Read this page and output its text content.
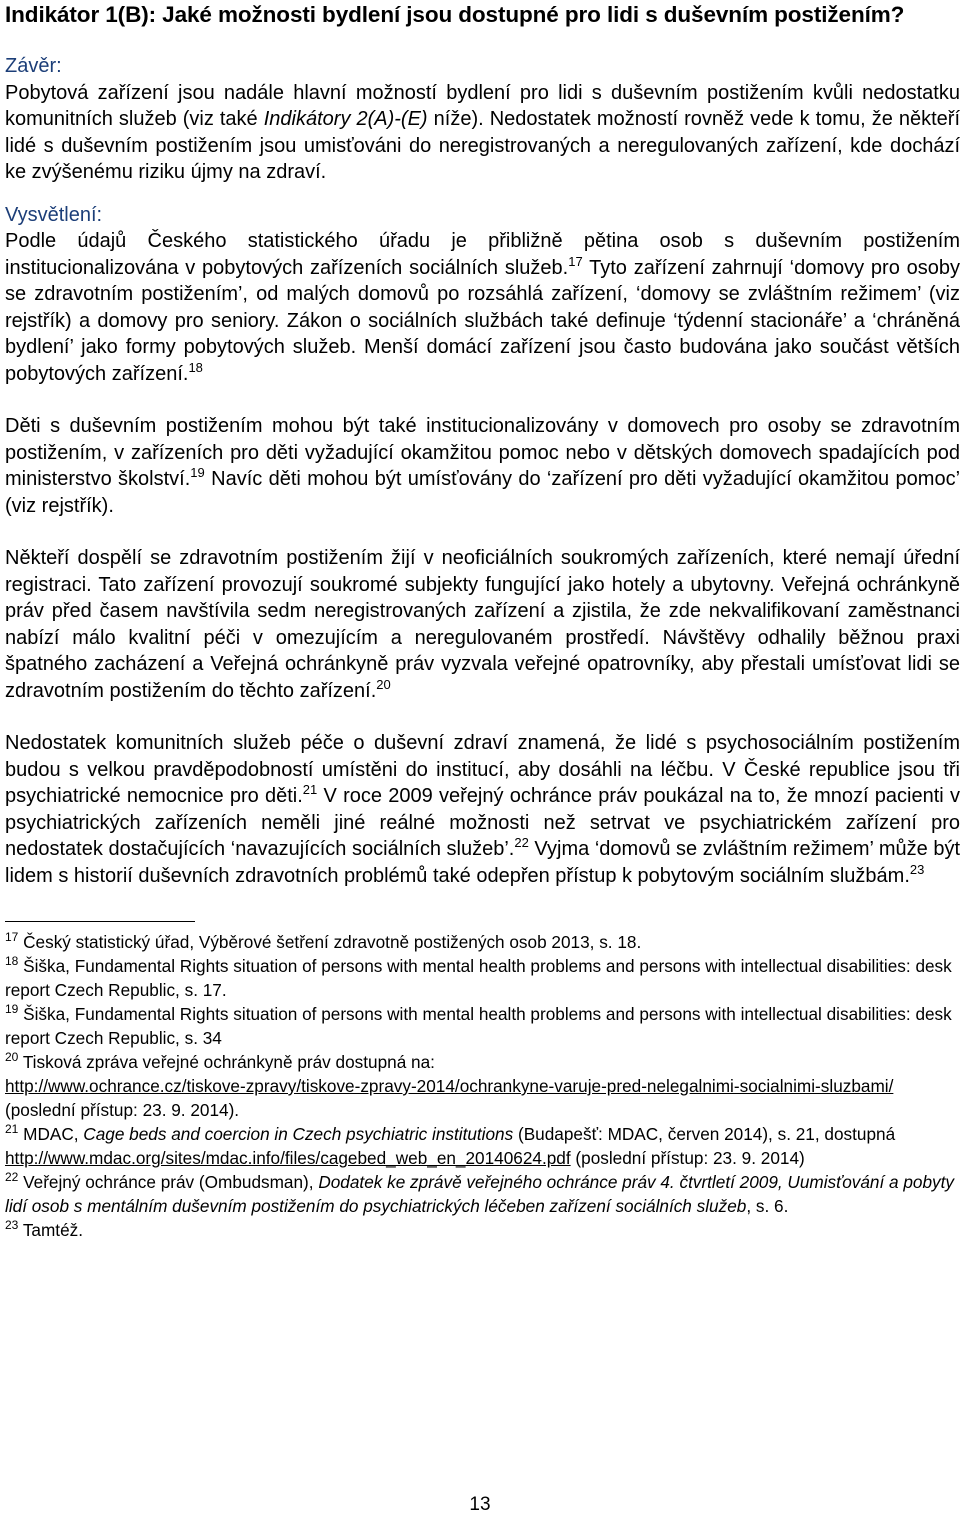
Indikátor 1(B): Jaké možnosti bydlení jsou dostupné pro lidi s duševním postižením?
Závěr:

Pobytová zařízení jsou nadále hlavní možností bydlení pro lidi s duševním postižením kvůli nedostatku komunitních služeb (viz také Indikátory 2(A)-(E) níže). Nedostatek možností rovněž vede k tomu, že někteří lidé s duševním postižením jsou umisťováni do neregistrovaných a neregulovaných zařízení, kde dochází ke zvýšenému riziku újmy na zdraví.

Vysvětlení:

Podle údajů Českého statistického úřadu je přibližně pětina osob s duševním postižením institucionalizována v pobytových zařízeních sociálních služeb.$^{17}$ Tyto zařízení zahrnují ‘domovy pro osoby se zdravotním postižením’, od malých domovů po rozsáhlá zařízení, ‘domovy se zvláštním režimem’ (viz rejstřík) a domovy pro seniory. Zákon o sociálních službách také definuje ‘týdenní stacionáře’ a ‘chráněná bydlení’ jako formy pobytových služeb. Menší domácí zařízení jsou často budována jako součást větších pobytových zařízení.$^{18}$

Děti s duševním postižením mohou být také institucionalizovány v domovech pro osoby se zdravotním postižením, v zařízeních pro děti vyžadující okamžitou pomoc nebo v dětských domovech spadajících pod ministerstvo školství.$^{19}$ Navíc děti mohou být umísťovány do ‘zařízení pro děti vyžadující okamžitou pomoc’ (viz rejstřík).

Někteří dospělí se zdravotním postižením žijí v neoficiálních soukromých zařízeních, které nemají úřední registraci. Tato zařízení provozují soukromé subjekty fungující jako hotely a ubytovny. Veřejná ochránkyně práv před časem navštívila sedm neregistrovaných zařízení a zjistila, že zde nekvalifikovaní zaměstnanci nabízí málo kvalitní péči v omezujícím a neregulovaném prostředí. Návštěvy odhalily běžnou praxi špatného zacházení a Veřejná ochránkyně práv vyzvala veřejné opatrovníky, aby přestali umísťovat lidi se zdravotním postižením do těchto zařízení.$^{20}$

Nedostatek komunitních služeb péče o duševní zdraví znamená, že lidé s psychosociálním postižením budou s velkou pravděpodobností umístěni do institucí, aby dosáhli na léčbu. V České republice jsou tři psychiatrické nemocnice pro děti.$^{21}$ V roce 2009 veřejný ochránce práv poukázal na to, že mnozí pacienti v psychiatrických zařízeních neměli jiné reálné možnosti než setrvat ve psychiatrickém zařízení pro nedostatek dostačujících ‘navazujících sociálních služeb’.$^{22}$ Vyjma ‘domovů se zvláštním režimem’ může být lidem s historií duševních zdravotních problémů také odepřen přístup k pobytovým sociálním službám.$^{23}$

$^{17}$ Český statistický úřad, Výběrové šetření zdravotně postižených osob 2013, s. 18.

$^{18}$ Šiška, Fundamental Rights situation of persons with mental health problems and persons with intellectual disabilities: desk report Czech Republic, s. 17.

$^{19}$ Šiška, Fundamental Rights situation of persons with mental health problems and persons with intellectual disabilities: desk report Czech Republic, s. 34

$^{20}$ Tisková zpráva veřejné ochránkyně práv dostupná na:
http://www.ochrance.cz/tiskove-zpravy/tiskove-zpravy-2014/ochrankyne-varuje-pred-nelegalnimi-socialnimi-sluzbami/ (poslední přístup: 23. 9. 2014).

$^{21}$ MDAC, Cage beds and coercion in Czech psychiatric institutions (Budapešť: MDAC, červen 2014), s. 21, dostupná http://www.mdac.org/sites/mdac.info/files/cagebed_web_en_20140624.pdf (poslední přístup: 23. 9. 2014)

$^{22}$ Veřejný ochránce práv (Ombudsman), Dodatek ke zprávě veřejného ochránce práv 4. čtvrtletí 2009, Uumisťování a pobyty lidí osob s mentálním duševním postižením do psychiatrických léčeben zařízení sociálních služeb, s. 6.

$^{23}$ Tamtéž.

13
